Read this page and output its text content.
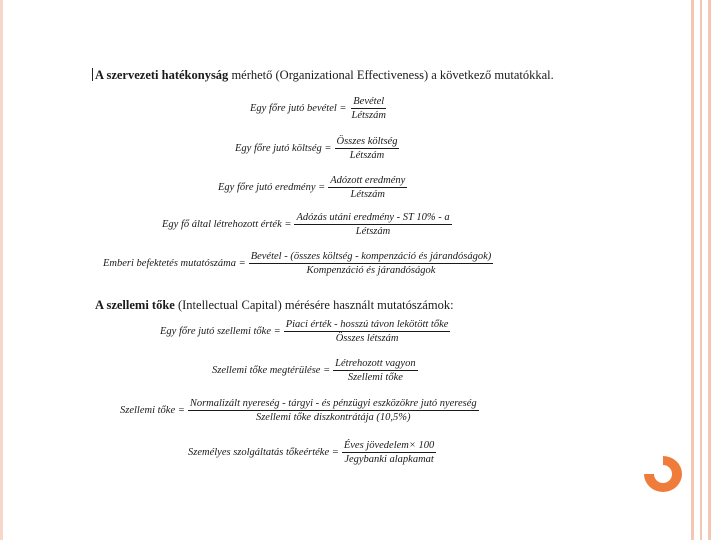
A szervezeti hatékonyság mérhető (Organizational Effectiveness) a következő mutatókkal.
Egy főre jutó bevétel = $\frac{\text{Bevétel}}{\text{Létszám}}$
Egy főre jutó költség = $\frac{\text{Összes költség}}{\text{Létszám}}$
Egy főre jutó eredmény = $\frac{\text{Adózott eredmény}}{\text{Létszám}}$
Egy fő által létrehozott érték = $\frac{\text{Adózás utáni eredmény - ST 10\% - a}}{\text{Létszám}}$
Emberi befektetés mutatószáma = $\frac{\text{Bevétel - (összes költség - kompenzáció és járandóságok)}}{\text{Kompenzáció és járandóságok}}$
A szellemi tőke (Intellectual Capital) mérésére használt mutatószámok:
Egy főre jutó szellemi tőke = $\frac{\text{Piaci érték - hosszú távon lekötött tőke}}{\text{Összes létszám}}$
Szellemi tőke megtérülése = $\frac{\text{Létrehozott vagyon}}{\text{Szellemi tőke}}$
Szellemi tőke =
Normalizált nyereség - tárgyi - és pénzügyi eszközökre jutó nyereség
Szellemi tőke diszkontrátája (10,5%)
Személyes szolgáltatás tőkeértéke = $\frac{\text{Éves jövedelem× 100}}{\text{Jegybanki alapkamat}}$
